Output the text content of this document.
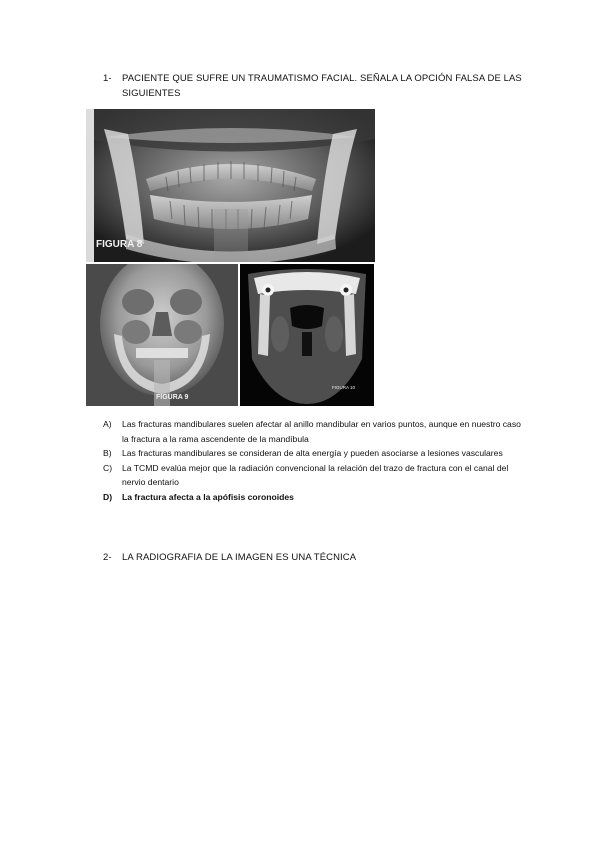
1- PACIENTE QUE SUFRE UN TRAUMATISMO FACIAL. SEÑALA LA OPCIÓN FALSA DE LAS SIGUIENTES
FIGURA 8
FIGURA 9
FIGURA 10
A) Las fracturas mandibulares suelen afectar al anillo mandibular en varios puntos, aunque en nuestro caso la fractura a la rama ascendente de la mandíbula
B) Las fracturas mandibulares se consideran de alta energía y pueden asociarse a lesiones vasculares
C) La TCMD evalúa mejor que la radiación convencional la relación del trazo de fractura con el canal del nervio dentario
D) La fractura afecta a la apófisis coronoides
2- LA RADIOGRAFIA DE LA IMAGEN ES UNA TÉCNICA
